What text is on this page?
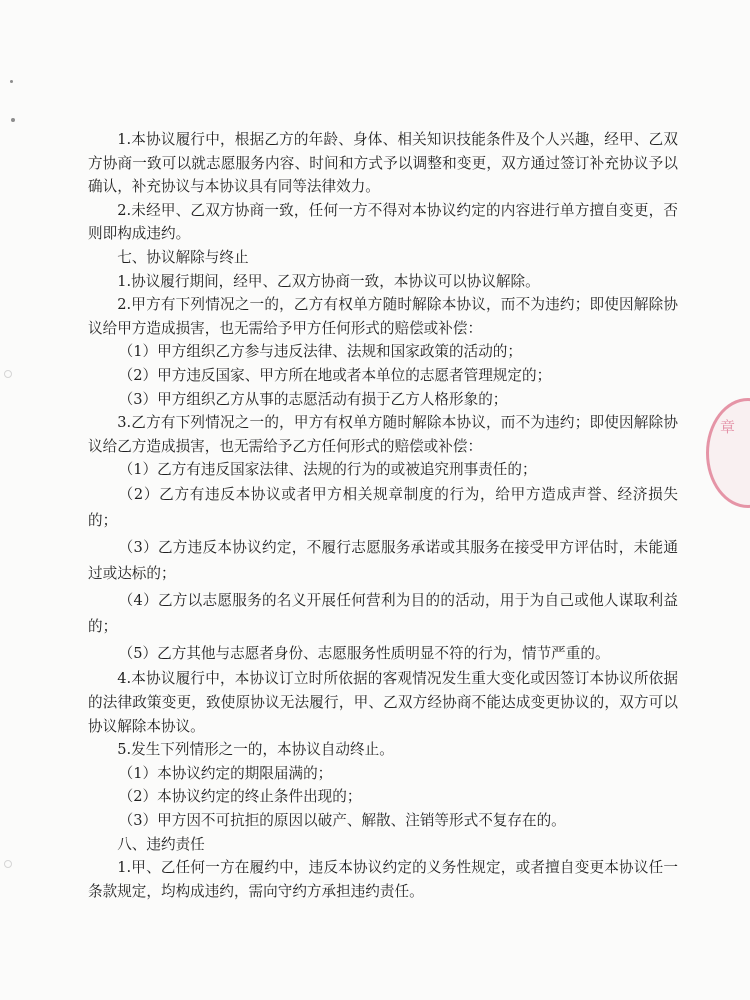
1.本协议履行中，根据乙方的年龄、身体、相关知识技能条件及个人兴趣，经甲、乙双方协商一致可以就志愿服务内容、时间和方式予以调整和变更，双方通过签订补充协议予以确认，补充协议与本协议具有同等法律效力。

2.未经甲、乙双方协商一致，任何一方不得对本协议约定的内容进行单方擅自变更，否则即构成违约。

七、协议解除与终止

1.协议履行期间，经甲、乙双方协商一致，本协议可以协议解除。

2.甲方有下列情况之一的，乙方有权单方随时解除本协议，而不为违约；即使因解除协议给甲方造成损害，也无需给予甲方任何形式的赔偿或补偿：

（1）甲方组织乙方参与违反法律、法规和国家政策的活动的；

（2）甲方违反国家、甲方所在地或者本单位的志愿者管理规定的；

（3）甲方组织乙方从事的志愿活动有损于乙方人格形象的；

3.乙方有下列情况之一的，甲方有权单方随时解除本协议，而不为违约；即使因解除协议给乙方造成损害，也无需给予乙方任何形式的赔偿或补偿：

（1）乙方有违反国家法律、法规的行为的或被追究刑事责任的；

（2）乙方有违反本协议或者甲方相关规章制度的行为，给甲方造成声誉、经济损失的；

（3）乙方违反本协议约定，不履行志愿服务承诺或其服务在接受甲方评估时，未能通过或达标的；

（4）乙方以志愿服务的名义开展任何营利为目的的活动，用于为自己或他人谋取利益的；

（5）乙方其他与志愿者身份、志愿服务性质明显不符的行为，情节严重的。

4.本协议履行中，本协议订立时所依据的客观情况发生重大变化或因签订本协议所依据的法律政策变更，致使原协议无法履行，甲、乙双方经协商不能达成变更协议的，双方可以协议解除本协议。

5.发生下列情形之一的，本协议自动终止。

（1）本协议约定的期限届满的；

（2）本协议约定的终止条件出现的；

（3）甲方因不可抗拒的原因以破产、解散、注销等形式不复存在的。

八、违约责任

1.甲、乙任何一方在履约中，违反本协议约定的义务性规定，或者擅自变更本协议任一条款规定，均构成违约，需向守约方承担违约责任。

章
